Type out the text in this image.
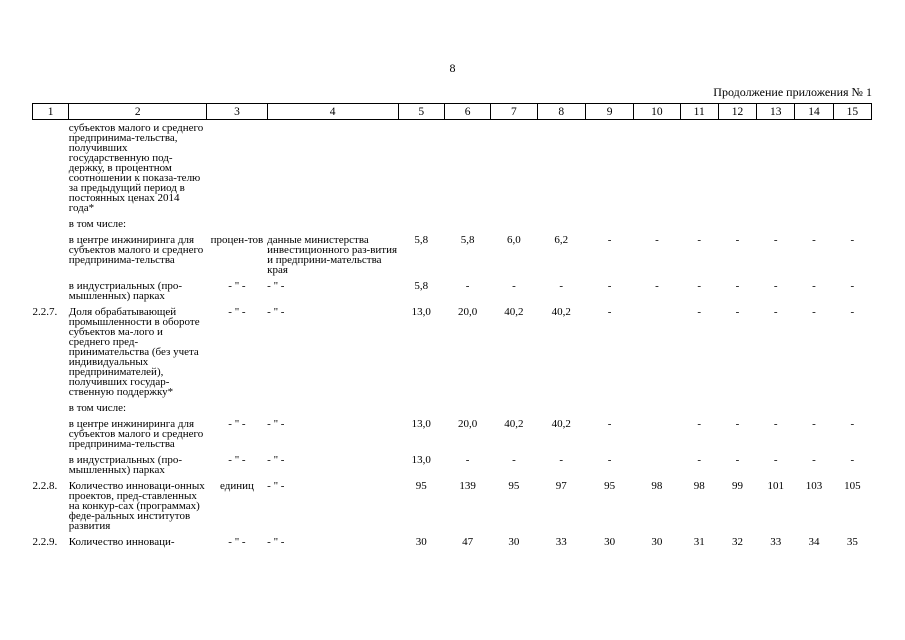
8
Продолжение приложения № 1
1	2	3	4	5	6	7	8	9	10	11	12	13	14	15

	субъектов малого и среднего предпринима-тельства, получивших государственную под-держку, в процентном соотношении к показа-телю за предыдущий период в постоянных ценах 2014 года*													

	в том числе:													

	в центре инжиниринга для субъектов малого и среднего предпринима-тельства	процен-тов	данные министерства инвестиционного раз-вития и предприни-мательства края	5,8	5,8	6,0	6,2	-	-	-	-	-	-	-

	в индустриальных (про-мышленных) парках	- " -	- " -	5,8	-	-	-	-	-	-	-	-	-	-

2.2.7.	Доля обрабатывающей промышленности в обороте субъектов ма-лого и среднего пред-принимательства (без учета индивидуальных предпринимателей), получивших государ-ственную поддержку*	- " -	- " -	13,0	20,0	40,2	40,2	-		-	-	-	-	-

	в том числе:													

	в центре инжиниринга для субъектов малого и среднего предпринима-тельства	- " -	- " -	13,0	20,0	40,2	40,2	-		-	-	-	-	-

	в индустриальных (про-мышленных) парках	- " -	- " -	13,0	-	-	-	-		-	-	-	-	-

2.2.8.	Количество инноваци-онных проектов, пред-ставленных на конкур-сах (программах) феде-ральных институтов развития	единиц	- " -	95	139	95	97	95	98	98	99	101	103	105

2.2.9.	Количество инноваци-	- " -	- " -	30	47	30	33	30	30	31	32	33	34	35
